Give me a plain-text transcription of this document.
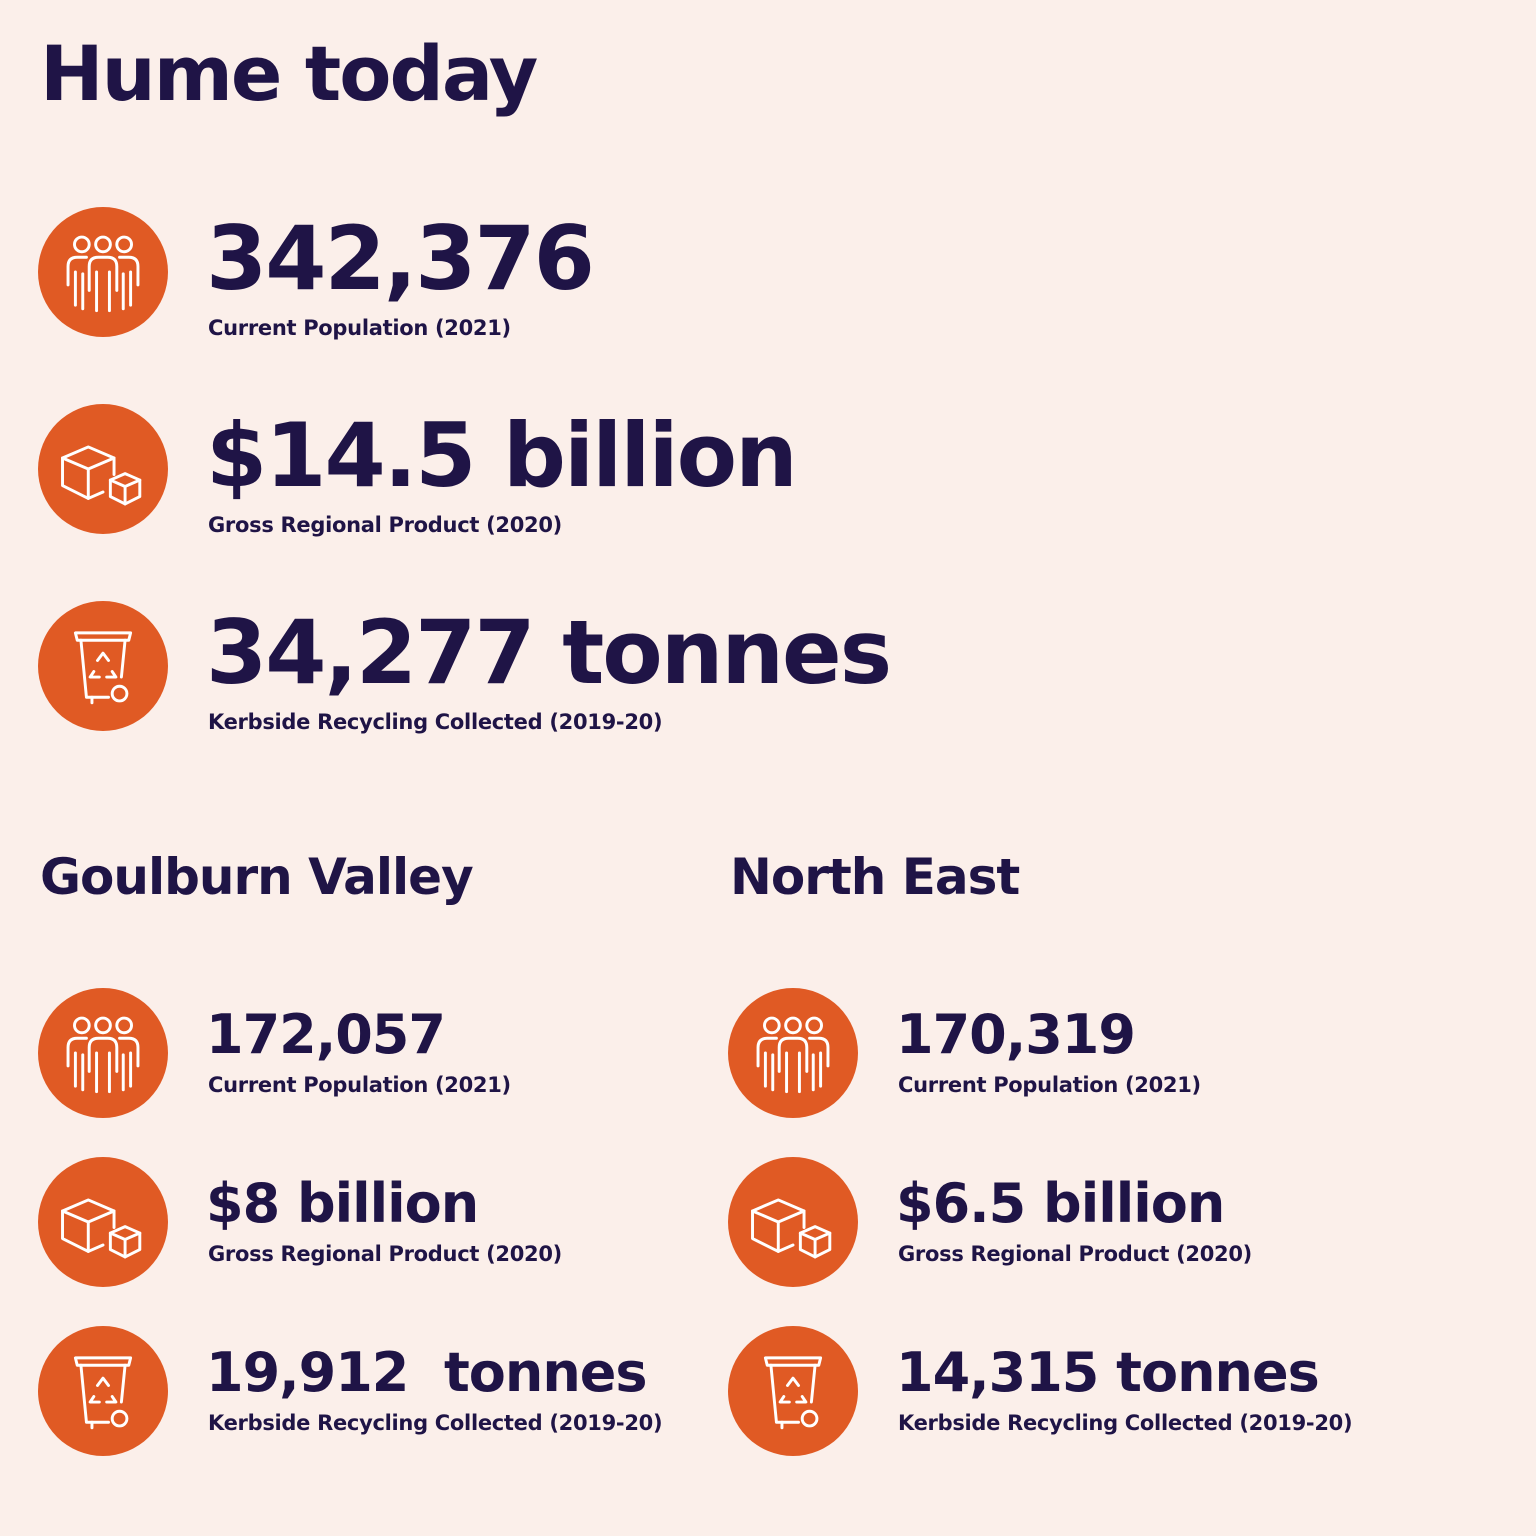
Hume today
342,376
Current Population (2021)
$14.5 billion
Gross Regional Product (2020)
34,277 tonnes
Kerbside Recycling Collected (2019-20)
Goulburn Valley
172,057
Current Population (2021)
$8 billion
Gross Regional Product (2020)
19,912  tonnes
Kerbside Recycling Collected (2019-20)
North East
170,319
Current Population (2021)
$6.5 billion
Gross Regional Product (2020)
14,315 tonnes
Kerbside Recycling Collected (2019-20)
